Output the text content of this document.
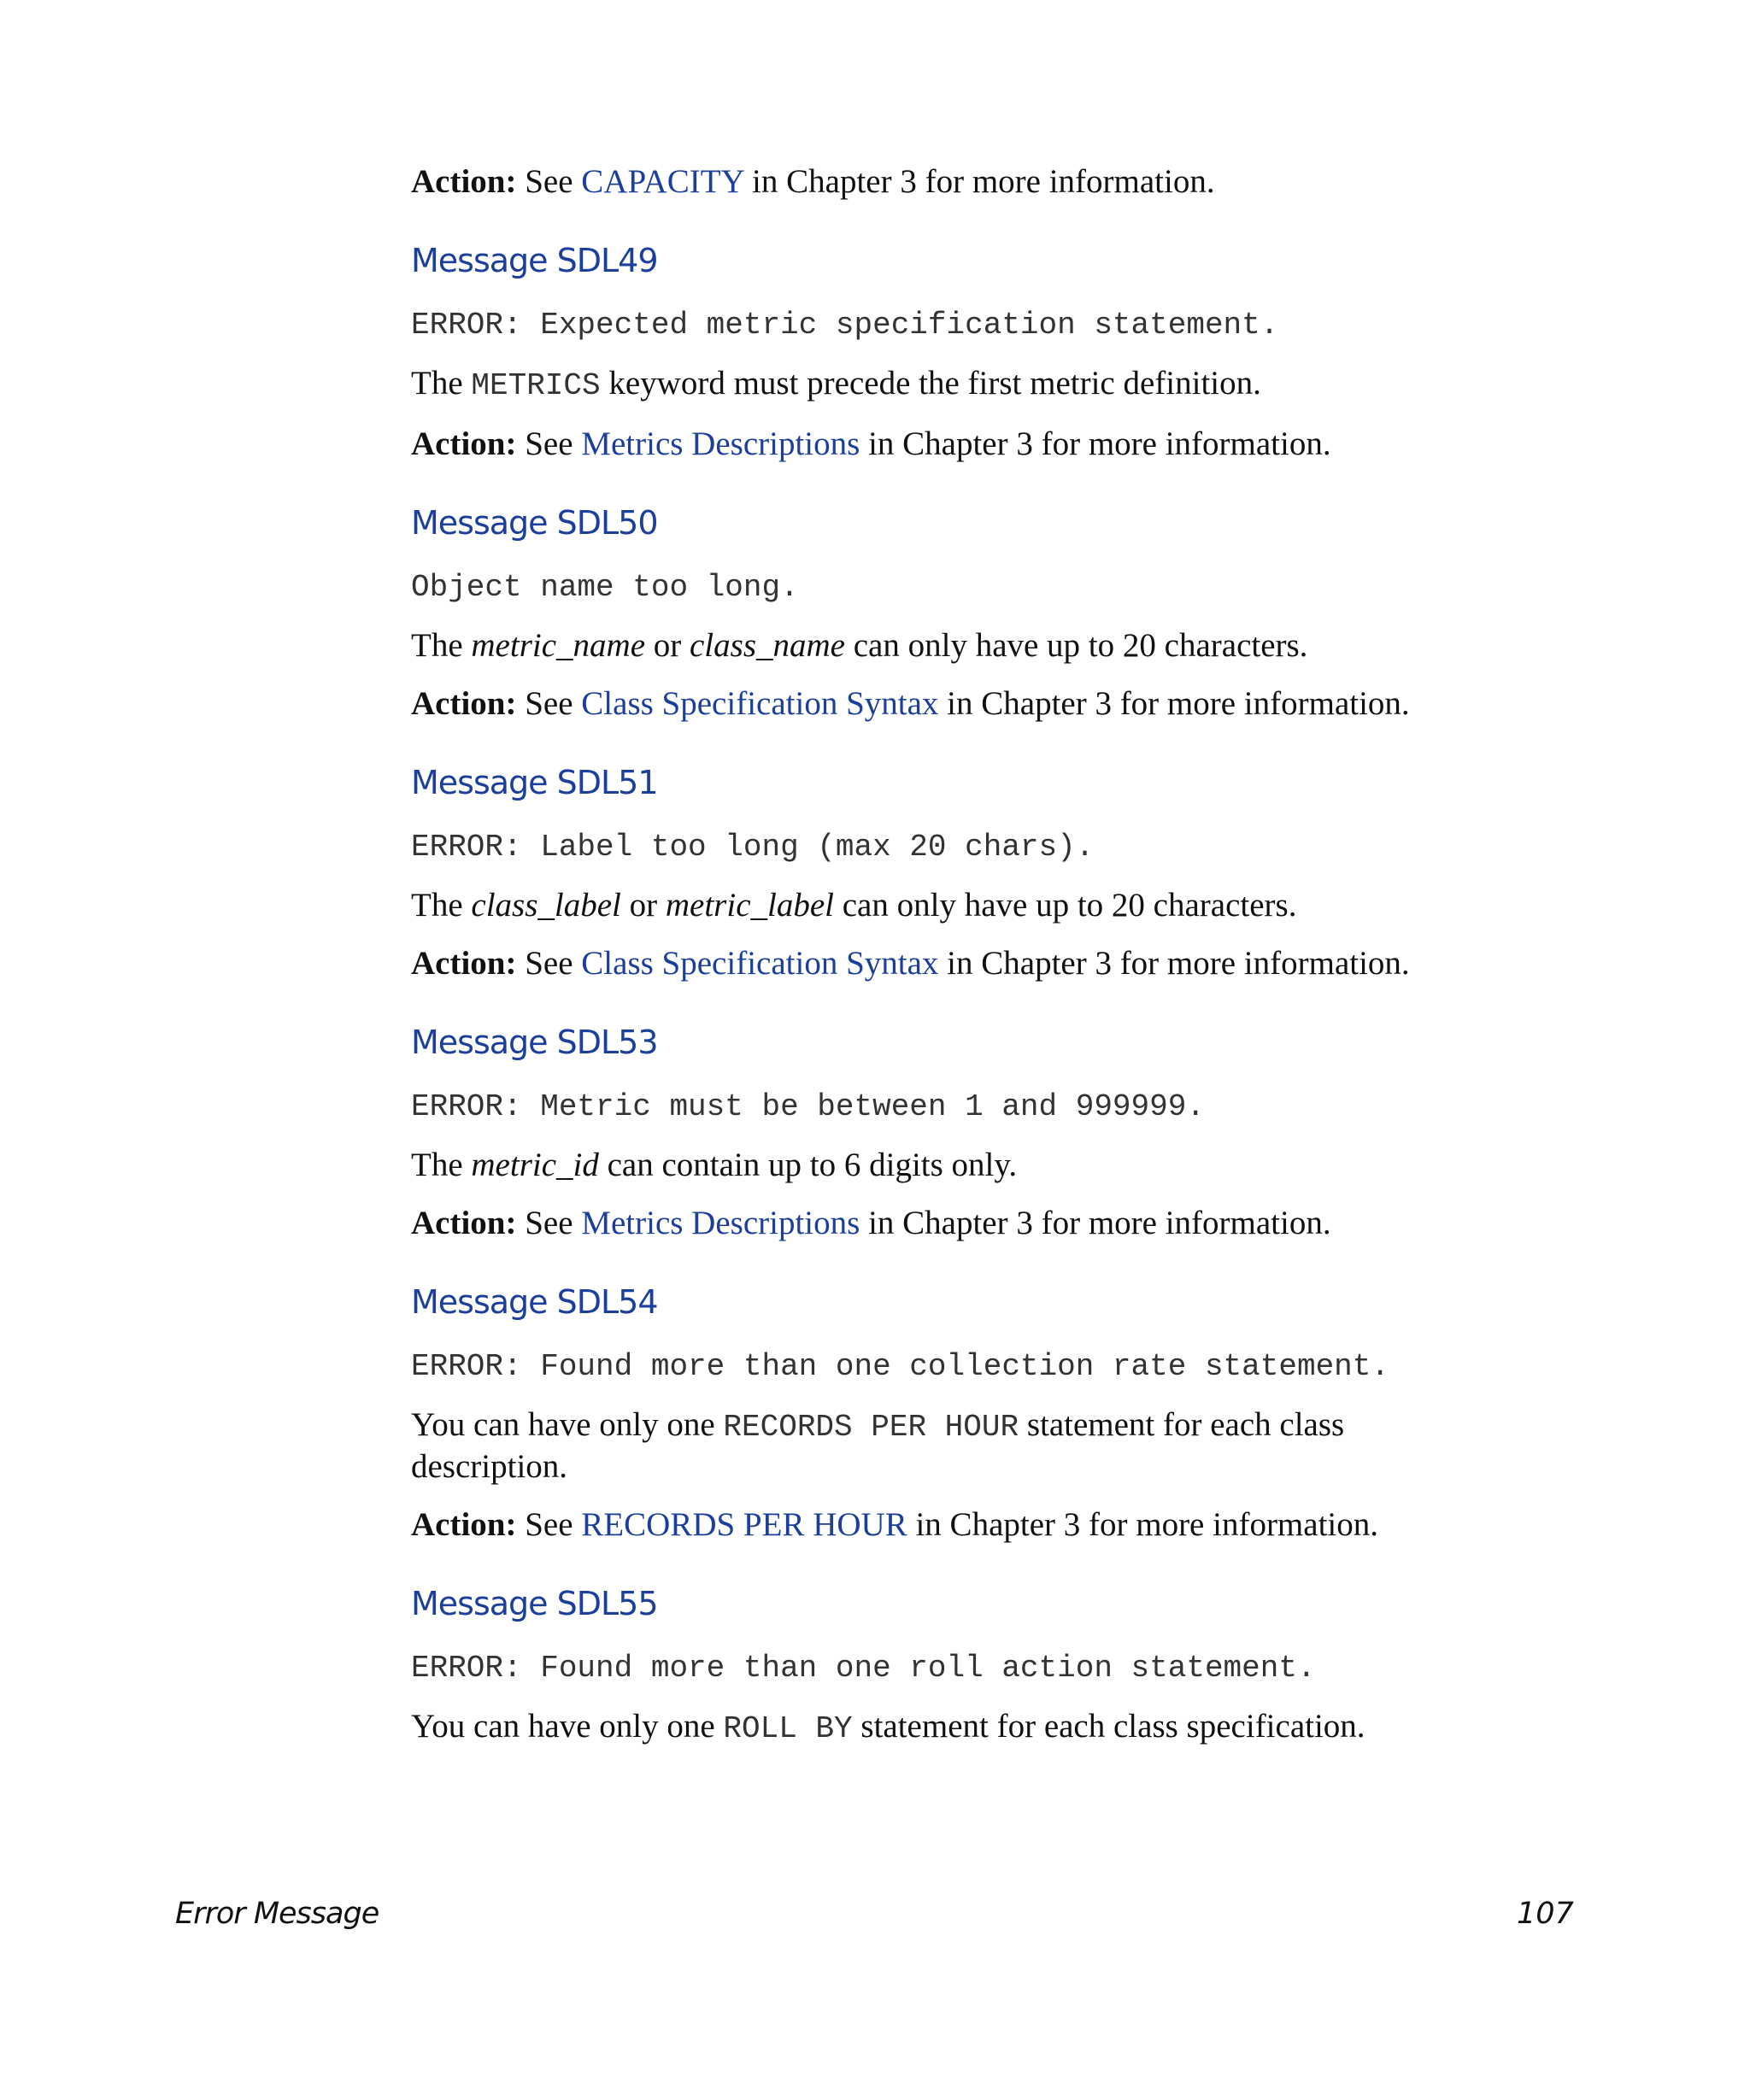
Action: See CAPACITY in Chapter 3 for more information.

Message SDL49
ERROR: Expected metric specification statement.

The METRICS keyword must precede the first metric definition.

Action: See Metrics Descriptions in Chapter 3 for more information.

Message SDL50
Object name too long.

The metric_name or class_name can only have up to 20 characters.

Action: See Class Specification Syntax in Chapter 3 for more information.

Message SDL51
ERROR: Label too long (max 20 chars).

The class_label or metric_label can only have up to 20 characters.

Action: See Class Specification Syntax in Chapter 3 for more information.

Message SDL53
ERROR: Metric must be between 1 and 999999.

The metric_id can contain up to 6 digits only.

Action: See Metrics Descriptions in Chapter 3 for more information.

Message SDL54
ERROR: Found more than one collection rate statement.

You can have only one RECORDS PER HOUR statement for each class
description.

Action: See RECORDS PER HOUR in Chapter 3 for more information.

Message SDL55
ERROR: Found more than one roll action statement.

You can have only one ROLL BY statement for each class specification.

Error Message	107
